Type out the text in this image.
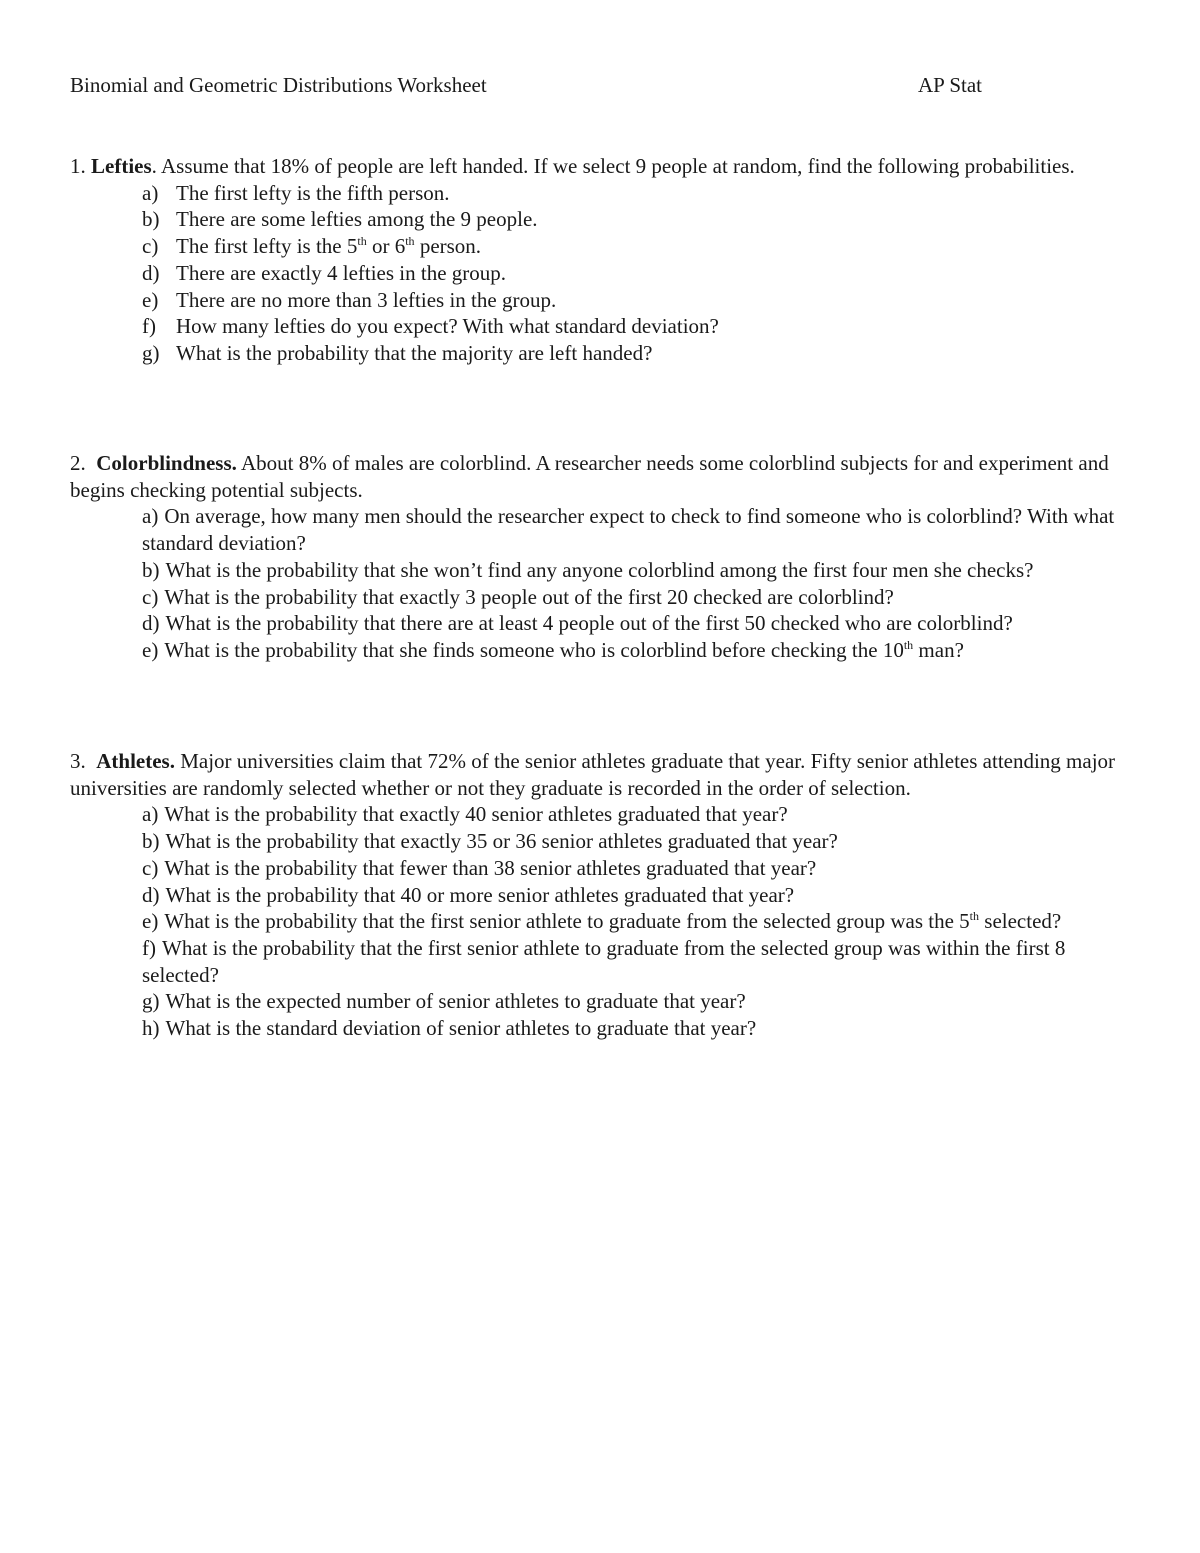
Binomial and Geometric Distributions Worksheet	AP Stat

1. Lefties. Assume that 18% of people are left handed. If we select 9 people at random, find the following probabilities.

a) The first lefty is the fifth person.
b) There are some lefties among the 9 people.
c) The first lefty is the 5th or 6th person.
d) There are exactly 4 lefties in the group.
e) There are no more than 3 lefties in the group.
f) How many lefties do you expect? With what standard deviation?
g) What is the probability that the majority are left handed?

2. Colorblindness. About 8% of males are colorblind. A researcher needs some colorblind subjects for and experiment and begins checking potential subjects.

a) On average, how many men should the researcher expect to check to find someone who is colorblind? With what standard deviation?
b) What is the probability that she won’t find any anyone colorblind among the first four men she checks?
c) What is the probability that exactly 3 people out of the first 20 checked are colorblind?
d) What is the probability that there are at least 4 people out of the first 50 checked who are colorblind?
e) What is the probability that she finds someone who is colorblind before checking the 10th man?

3. Athletes. Major universities claim that 72% of the senior athletes graduate that year. Fifty senior athletes attending major universities are randomly selected whether or not they graduate is recorded in the order of selection.

a) What is the probability that exactly 40 senior athletes graduated that year?
b) What is the probability that exactly 35 or 36 senior athletes graduated that year?
c) What is the probability that fewer than 38 senior athletes graduated that year?
d) What is the probability that 40 or more senior athletes graduated that year?
e) What is the probability that the first senior athlete to graduate from the selected group was the 5th selected?
f) What is the probability that the first senior athlete to graduate from the selected group was within the first 8 selected?
g) What is the expected number of senior athletes to graduate that year?
h) What is the standard deviation of senior athletes to graduate that year?
